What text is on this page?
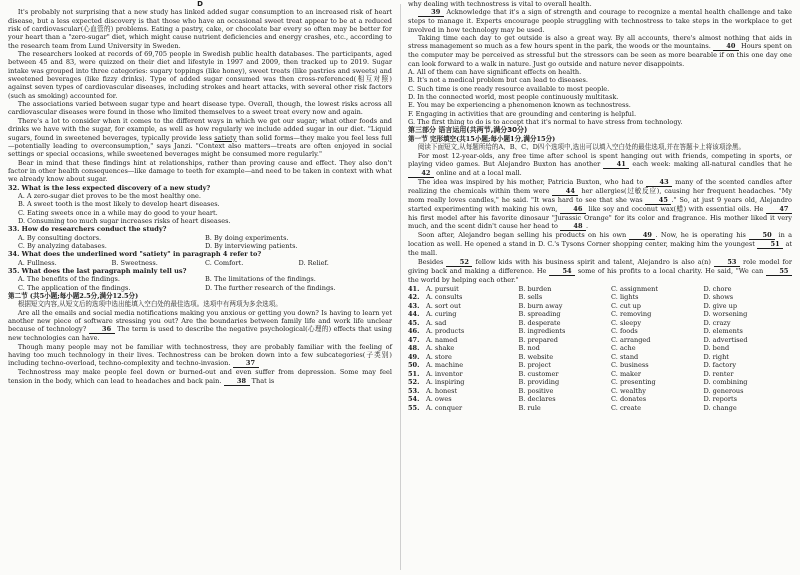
D

It's probably not surprising that a new study has linked added sugar consumption to an increased risk of heart disease, but a less expected discovery is that those who have an occasional sweet treat appear to be at a reduced risk of cardiovascular(心血管的) problems. Eating a pastry, cake, or chocolate bar every so often may be better for your heart than a "zero-sugar" diet, which might cause nutrient deficiencies and energy crashes, etc., according to the research team from Lund University in Sweden.

The researchers looked at records of 69,705 people in Swedish public health databases. The participants, aged between 45 and 83, were quizzed on their diet and lifestyle in 1997 and 2009, then tracked up to 2019. Sugar intake was grouped into three categories: sugary toppings (like honey), sweet treats (like pastries and sweets) and sweetened beverages (like fizzy drinks). Type of added sugar consumed was then cross-referenced(相互对照) against seven types of cardiovascular diseases, including strokes and heart attacks, with several other risk factors (such as smoking) accounted for.

The associations varied between sugar type and heart disease type. Overall, though, the lowest risks across all cardiovascular diseases were found in those who limited themselves to a sweet treat every now and again.

There's a lot to consider when it comes to the different ways in which we get our sugar; what other foods and drinks we have with the sugar, for example, as well as how regularly we include added sugar in our diet. "Liquid sugars, found in sweetened beverages, typically provide less satiety than solid forms—they make you feel less full—potentially leading to overconsumption," says Janzi. "Context also matters—treats are often enjoyed in social settings or special occasions, while sweetened beverages might be consumed more regularly."

Bear in mind that these findings hint at relationships, rather than proving cause and effect. They also don't factor in other health consequences—like damage to teeth for example—and need to be taken in context with what we already know about sugar.

32. What is the less expected discovery of a new study?

A. A zero-sugar diet proves to be the most healthy one.

B. A sweet tooth is the most likely to develop heart diseases.

C. Eating sweets once in a while may do good to your heart.

D. Consuming too much sugar increases risks of heart diseases.

33. How do researchers conduct the study?

A. By consulting doctors.	B. By doing experiments.
C. By analyzing databases.	D. By interviewing patients.

34. What does the underlined word "satiety" in paragraph 4 refer to?

A. Fullness.	B. Sweetness.	C. Comfort.	D. Relief.

35. What does the last paragraph mainly tell us?

A. The benefits of the findings.	B. The limitations of the findings.
C. The application of the findings.	D. The further research of the findings.

第二节 (共5小题;每小题2.5分,满分12.5分)

根据短文内容,从短文后的选项中选出能填入空白处的最佳选项。选项中有两项为多余选项。

Are all the emails and social media notifications making you anxious or getting you down? Is having to learn yet another new piece of software stressing you out? Are the boundaries between family life and work life unclear because of technology? 36 The term is used to describe the negative psychological(心理的) effects that using new technologies can have.

Though many people may not be familiar with technostress, they are probably familiar with the feeling of having too much technology in their lives. Technostress can be broken down into a few subcategories(子类别) including techno-overload, techno-complexity and techno-invasion. 37

Technostress may make people feel down or burned-out and even suffer from depression. Some may feel tension in the body, which can lead to headaches and back pain. 38 That is

why dealing with technostress is vital to overall health.

39 Acknowledge that it's a sign of strength and courage to recognize a mental health challenge and take steps to manage it. Experts encourage people struggling with technostress to take steps in the workplace to get involved in how technology may be used.

Taking time each day to get outside is also a great way. By all accounts, there's almost nothing that aids in stress management so much as a few hours spent in the park, the woods or the mountains. 40 Hours spent on the computer may be perceived as stressful but the stressors can be seen as more bearable if on this one day one can look forward to a walk in nature. Just go outside and nature never disappoints.

A. All of them can have significant effects on health.

B. It's not a medical problem but can lead to diseases.

C. Such time is one ready resource available to most people.

D. In the connected world, most people continuously multitask.

E. You may be experiencing a phenomenon known as technostress.

F. Engaging in activities that are grounding and centering is helpful.

G. The first thing to do is to accept that it's normal to have stress from technology.

第三部分 语言运用(共两节,满分30分)

第一节 完形填空(共15小题;每小题1分,满分15分)

阅读下面短文,从每题所给的A、B、C、D四个选项中,选出可以填入空白处的最佳选项,并在答题卡上将该项涂黑。

For most 12-year-olds, any free time after school is spent hanging out with friends, competing in sports, or playing video games. But Alejandro Buxton has another	41 each week: making all-natural candles that he 42 online and at a local mall.

The idea was inspired by his mother, Patricia Buxton, who had to 43 many of the scented candles after realizing the chemicals within them were 44 her allergies(过敏反应), causing her frequent headaches. "My mom really loves candles," he said. "It was hard to see that she was 45 ." So, at just 9 years old, Alejandro started experimenting with making his own, 46 like soy and coconut wax(蜡) with essential oils. He 47 his first model after his favorite dinosaur "Jurassic Orange" for its color and fragrance. His mother liked it very much, and the scent didn't cause her head to 48 .

Soon after, Alejandro began selling his products on his own	49 . Now, he is operating his	50 in a location as well. He opened a stand in D. C.'s Tysons Corner shopping center, making him the youngest 51 at the mall.

Besides	52 fellow kids with his business spirit and talent, Alejandro is also a(n)	53 role model for giving back and making a difference. He 54 some of his profits to a local charity. He said, "We can 55 the world by helping each other."

41.	A. pursuit	B. burden	C. assignment	D. chore
42.	A. consults	B. sells	C. lights	D. shows
43.	A. sort out	B. burn away	C. cut up	D. give up
44.	A. curing	B. spreading	C. removing	D. worsening
45.	A. sad	B. desperate	C. sleepy	D. crazy
46.	A. products	B. ingredients	C. foods	D. elements
47.	A. named	B. prepared	C. arranged	D. advertised
48.	A. shake	B. nod	C. ache	D. bend
49.	A. store	B. website	C. stand	D. right
50.	A. machine	B. project	C. business	D. factory
51.	A. inventor	B. customer	C. maker	D. renter
52.	A. inspiring	B. providing	C. presenting	D. combining
53.	A. honest	B. positive	C. wealthy	D. generous
54.	A. owes	B. declares	C. donates	D. reports
55.	A. conquer	B. rule	C. create	D. change
